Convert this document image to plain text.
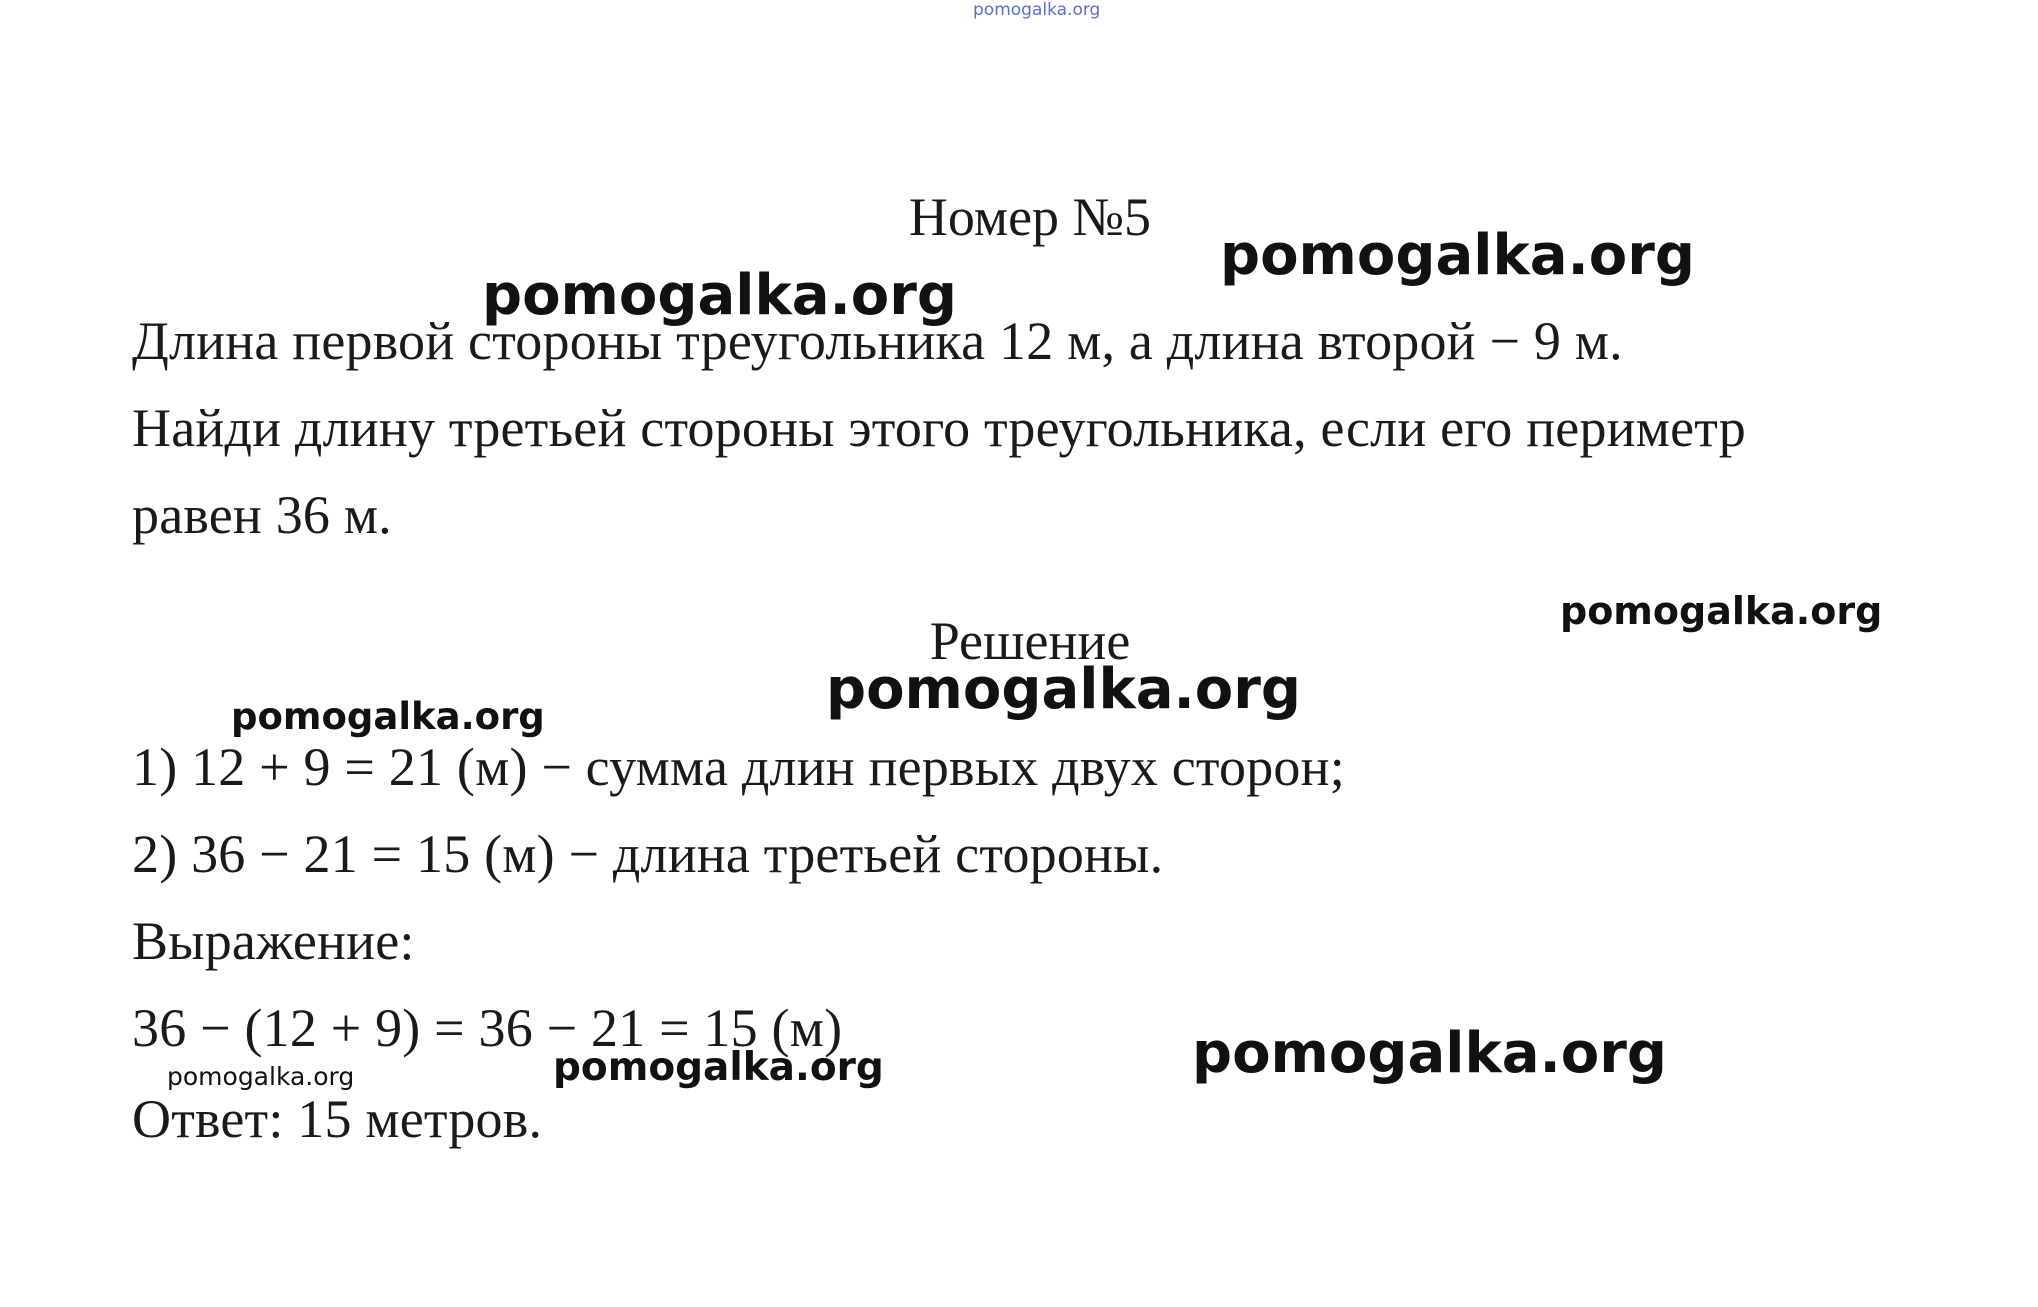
pomogalka.org
Номер №5
Длина первой стороны треугольника 12 м, а длина второй − 9 м.
Найди длину третьей стороны этого треугольника, если его периметр
равен 36 м.
Решение
1) 12 + 9 = 21 (м) − сумма длин первых двух сторон;
2) 36 − 21 = 15 (м) − длина третьей стороны.
Выражение:
36 − (12 + 9) = 36 − 21 = 15 (м)
Ответ: 15 метров.
pomogalka.org
pomogalka.org
pomogalka.org
pomogalka.org
pomogalka.org
pomogalka.org
pomogalka.org
pomogalka.org
